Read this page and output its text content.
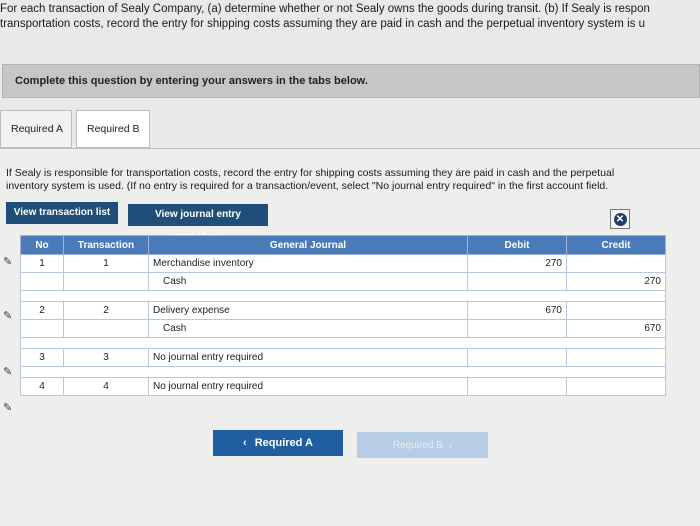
For each transaction of Sealy Company, (a) determine whether or not Sealy owns the goods during transit. (b) If Sealy is respon
transportation costs, record the entry for shipping costs assuming they are paid in cash and the perpetual inventory system is u
Complete this question by entering your answers in the tabs below.
Required A	Required B
If Sealy is responsible for transportation costs, record the entry for shipping costs assuming they are paid in cash and the perpetual
inventory system is used. (If no entry is required for a transaction/event, select "No journal entry required" in the first account field.
View transaction list	View journal entry	✕
✎
✎
✎
✎
No	Transaction	General Journal	Debit	Credit
1	1	Merchandise inventory	270	
		Cash		270

2	2	Delivery expense	670	
		Cash		670

3	3	No journal entry required		

4	4	No journal entry required		
‹ Required A	Required B ›
